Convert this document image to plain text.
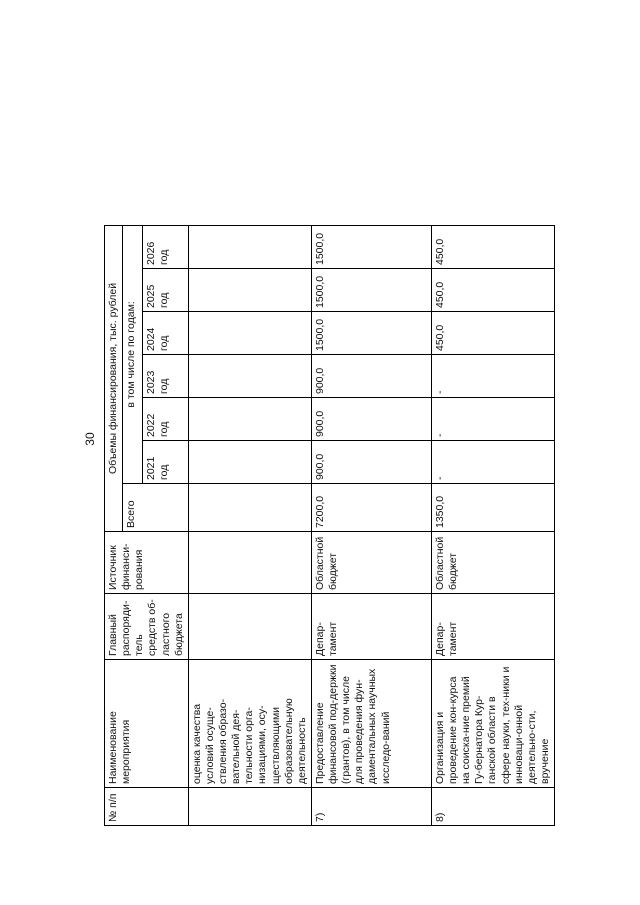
30
№ п/п	Наименование мероприятия	Главный распоряди-тель средств об-ластного бюджета	Источник финанси-рования	Объемы финансирования, тыс. рублей						
				Всего	в том числе по годам:					
					2021 год	2022 год	2023 год	2024 год	2025 год	2026 год
	оценка качества условий осуще-ствления образо-вательной дея-тельности орга-низациями, осу-ществляющими образовательную деятельность									
7)	Предоставление финансовой под-держки (грантов), в том числе для проведения фун-даментальных научных исследо-ваний	Депар-тамент	Областной бюджет	7200,0	900,0	900,0	900,0	1500,0	1500,0	1500,0
8)	Организация и проведение кон-курса на соиска-ние премий Гу-бернатора Кур-ганской области в сфере науки, тех-ники и инноваци-онной деятельно-сти, вручение	Депар-тамент	Областной бюджет	1350,0	-	-	-	450,0	450,0	450,0
